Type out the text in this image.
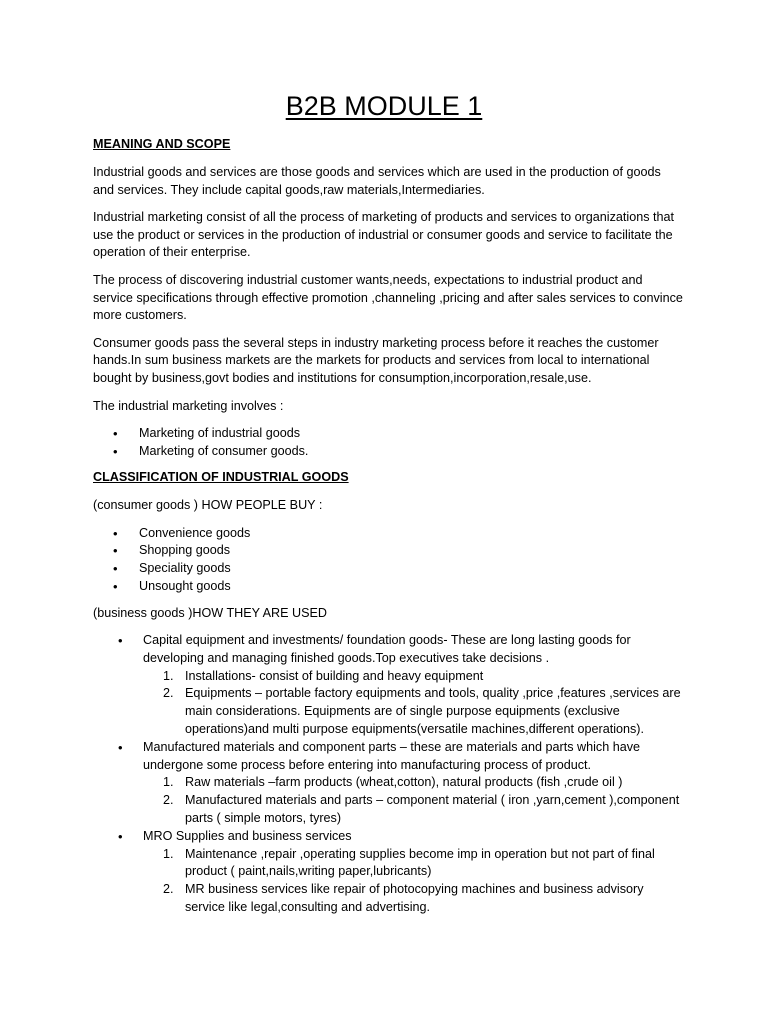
B2B MODULE 1
MEANING AND SCOPE

Industrial goods and services are those goods and services which are used in the production of goods and services. They include capital goods,raw materials,Intermediaries.

Industrial marketing consist of all the process of marketing of products and services to organizations that use the product or services in the production of industrial or consumer goods and service to facilitate the operation of their enterprise.

The process of discovering industrial customer wants,needs, expectations to industrial product and service specifications through effective promotion ,channeling ,pricing and after sales services to convince more customers.

Consumer goods pass the several steps in industry marketing process before it reaches the customer hands.In sum business markets are the markets for products and services from local to international bought by business,govt bodies and institutions for consumption,incorporation,resale,use.

The industrial marketing involves :

• Marketing of industrial goods
• Marketing of consumer goods.
CLASSIFICATION OF INDUSTRIAL GOODS

(consumer goods ) HOW PEOPLE BUY :

• Convenience goods
• Shopping goods
• Speciality goods
• Unsought goods

(business goods )HOW THEY ARE USED

• Capital equipment and investments/ foundation goods- These are long lasting goods for developing and managing finished goods.Top executives take decisions .
1. Installations- consist of building and heavy equipment
2. Equipments – portable factory equipments and tools, quality ,price ,features ,services are main considerations. Equipments are of single purpose equipments (exclusive operations)and multi purpose equipments(versatile machines,different operations).
• Manufactured materials and component parts – these are materials and parts which have undergone some process before entering into manufacturing process of product.
1. Raw materials –farm products (wheat,cotton), natural products (fish ,crude oil )
2. Manufactured materials and parts – component material ( iron ,yarn,cement ),component parts ( simple motors, tyres)
• MRO Supplies and business services
1. Maintenance ,repair ,operating supplies become imp in operation but not part of final product ( paint,nails,writing paper,lubricants)
2. MR business services like repair of photocopying machines and business advisory service like legal,consulting and advertising.
